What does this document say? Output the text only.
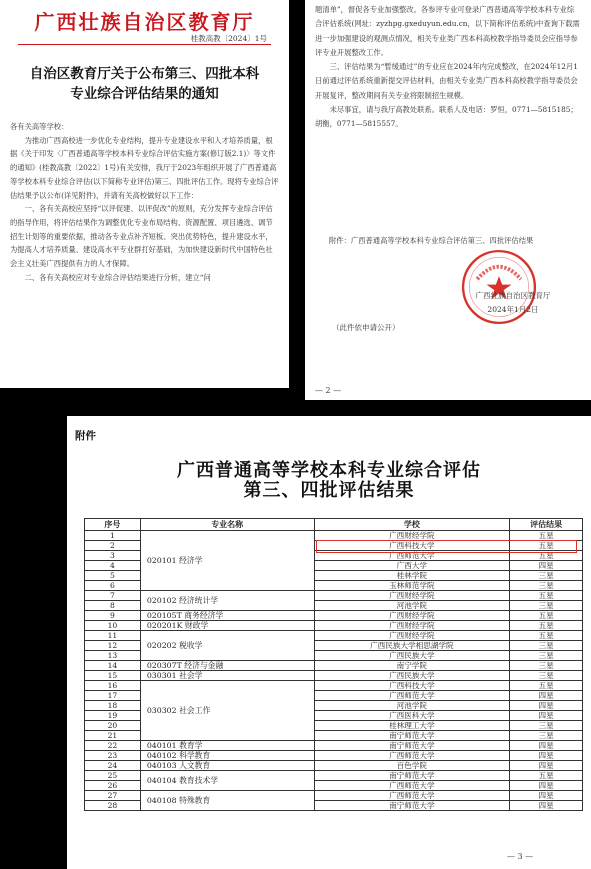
广西壮族自治区教育厅
桂教高教〔2024〕1号
自治区教育厅关于公布第三、四批本科
专业综合评估结果的通知

各有关高等学校：

为推动广西高校进一步优化专业结构，提升专业建设水平和人才培养质量，根据《关于印发〈广西普通高等学校本科专业综合评估实施方案(修订版2.1)〉等文件的通知》(桂教高教〔2022〕1号)有关安排，我厅于2023年组织开展了广西普通高等学校本科专业综合评估(以下简称专业评估)第三、四批评估工作。现将专业综合评估结果予以公布(详见附件)，并请有关高校做好以下工作：

一、各有关高校应坚持“以评促建、以评促改”的原则，充分发挥专业综合评估的指导作用，将评估结果作为调整优化专业布局结构、资源配置、项目遴选、调节招生计划等的重要依据，推动各专业点补齐短板、突出优势特色，提升建设水平，为提高人才培养质量、建设高水平专业群打好基础，为加快建设新时代中国特色社会主义壮美广西提供有力的人才保障。

二、各有关高校应对专业综合评估结果进行分析，建立“问

题清单”，督促各专业加强整改。各参评专业可登录广西普通高等学校本科专业综合评估系统(网址：zyzhpg.gxeduyun.edu.cn，以下简称评估系统)中查询下载需进一步加强建设的观测点情况，相关专业类广西本科高校教学指导委员会应指导参评专业开展整改工作。

三、评估结果为“暂缓通过”的专业应在2024年内完成整改，在2024年12月1日前通过评估系统重新提交评估材料，由相关专业类广西本科高校教学指导委员会开展复评，整改期间有关专业将限制招生规模。

未尽事宜，请与我厅高教处联系。联系人及电话：罗恒，0771—5815185；胡衡，0771—5815557。

附件：广西普通高等学校本科专业综合评估第三、四批评估结果
广西壮族自治区教育厅
2024年1月2日
（此件依申请公开）
— 2 —
附件
广西普通高等学校本科专业综合评估
第三、四批评估结果
序号	专业名称	学校	评估结果
1	020101 经济学	广西财经学院	五星
2		广西科技大学	五星
3		广西师范大学	五星
4		广西大学	四星
5		桂林学院	三星
6		玉林师范学院	三星
7	020102 经济统计学	广西财经学院	五星
8		河池学院	三星
9	020105T 商务经济学	广西财经学院	五星
10	020201K 财政学	广西财经学院	五星
11	020202 税收学	广西财经学院	五星
12		广西民族大学相思湖学院	三星
13		广西民族大学	三星
14	020307T 经济与金融	南宁学院	三星
15	030301 社会学	广西民族大学	三星
16	030302 社会工作	广西科技大学	五星
17		广西师范大学	四星
18		河池学院	四星
19		广西医科大学	四星
20		桂林理工大学	三星
21		南宁师范大学	三星
22	040101 教育学	南宁师范大学	四星
23	040102 科学教育	广西师范大学	四星
24	040103 人文教育	百色学院	四星
25	040104 教育技术学	南宁师范大学	五星
26		广西师范大学	四星
27	040108 特殊教育	广西师范大学	四星
28		南宁师范大学	四星
— 3 —
